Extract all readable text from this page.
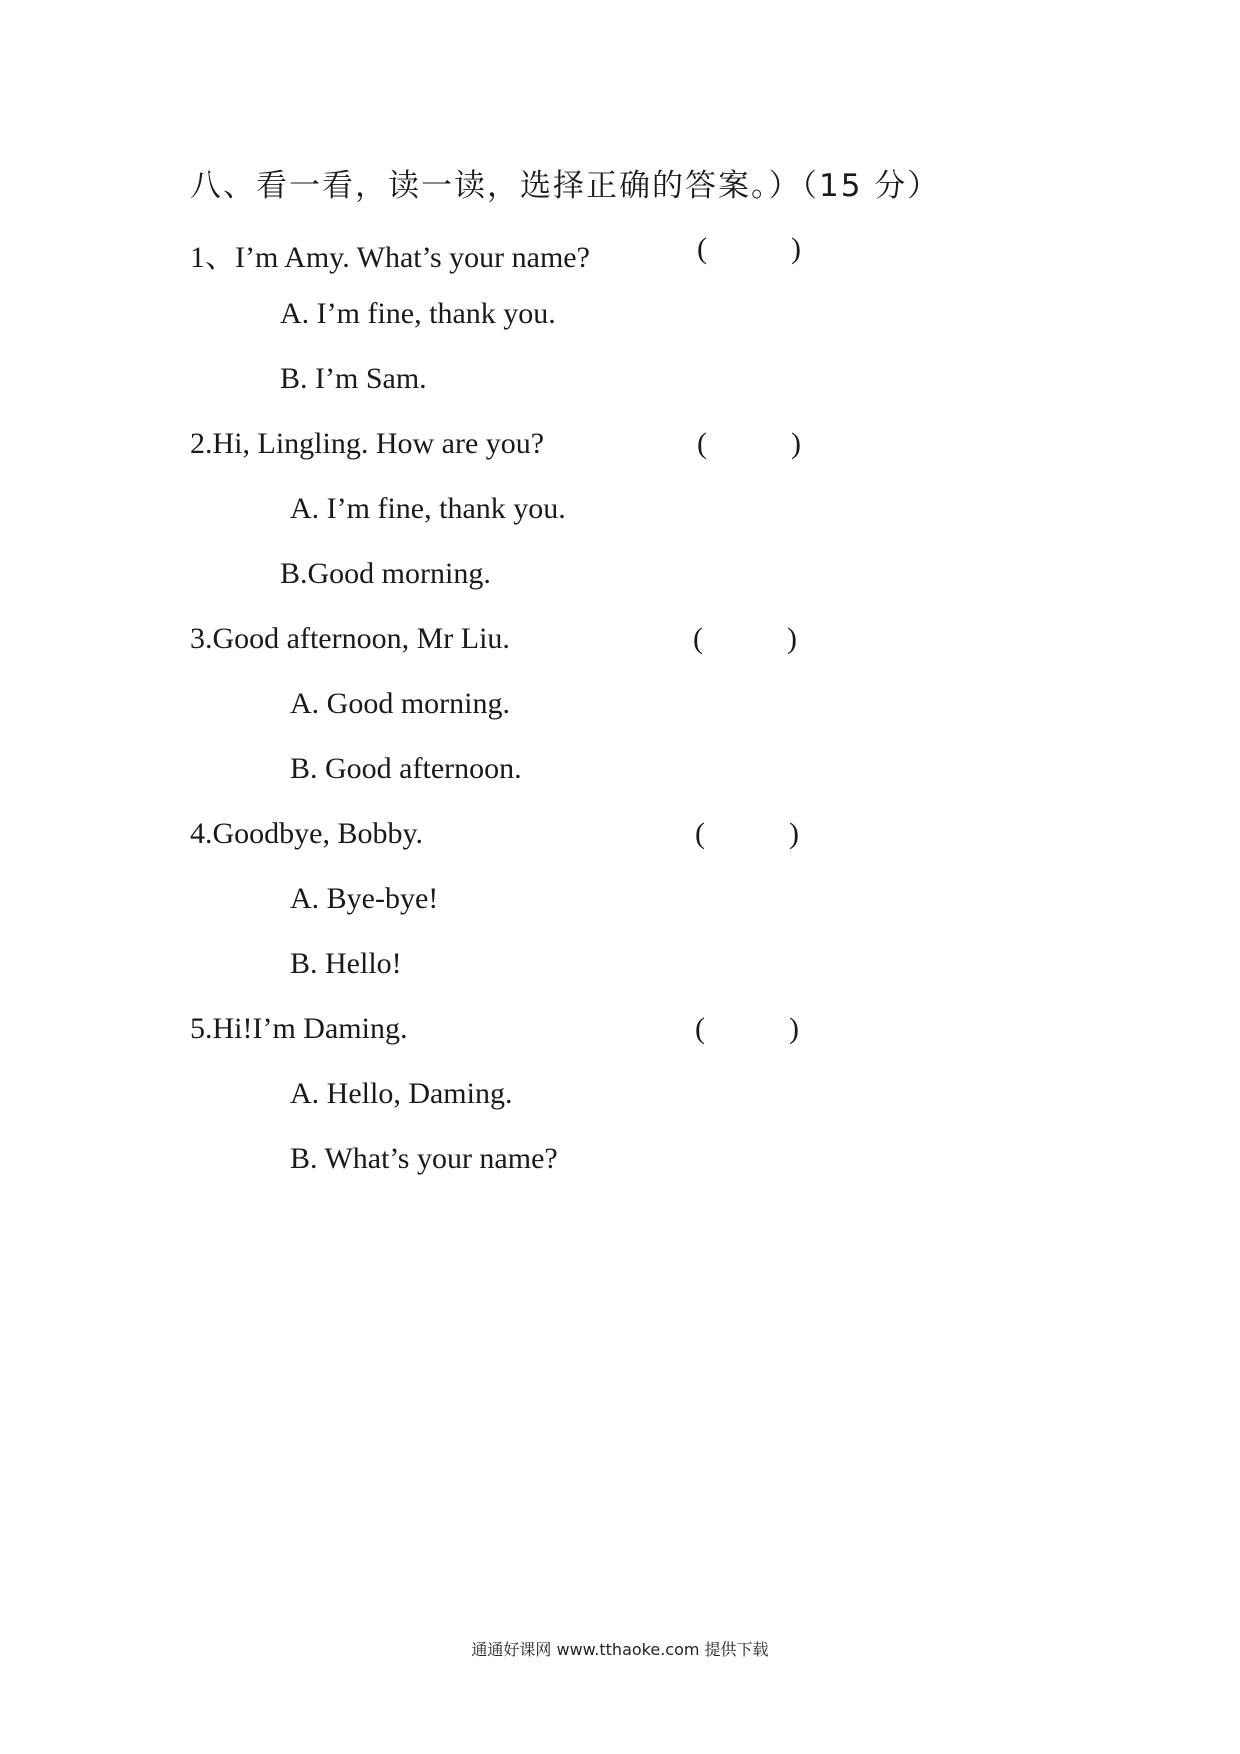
八、看一看，读一读，选择正确的答案。）（15 分）
1、I’m Amy. What’s your name?	(	)
A. I’m fine, thank you.
B. I’m Sam.
2.Hi, Lingling. How are you?	(	)
A. I’m fine, thank you.
B.Good morning.
3.Good afternoon, Mr Liu.	(	)
A. Good morning.
B. Good afternoon.
4.Goodbye, Bobby.	(	)
A. Bye-bye!
B. Hello!
5.Hi!I’m Daming.	(	)
A. Hello, Daming.
B. What’s your name?
通通好课网 www.tthaoke.com 提供下载
